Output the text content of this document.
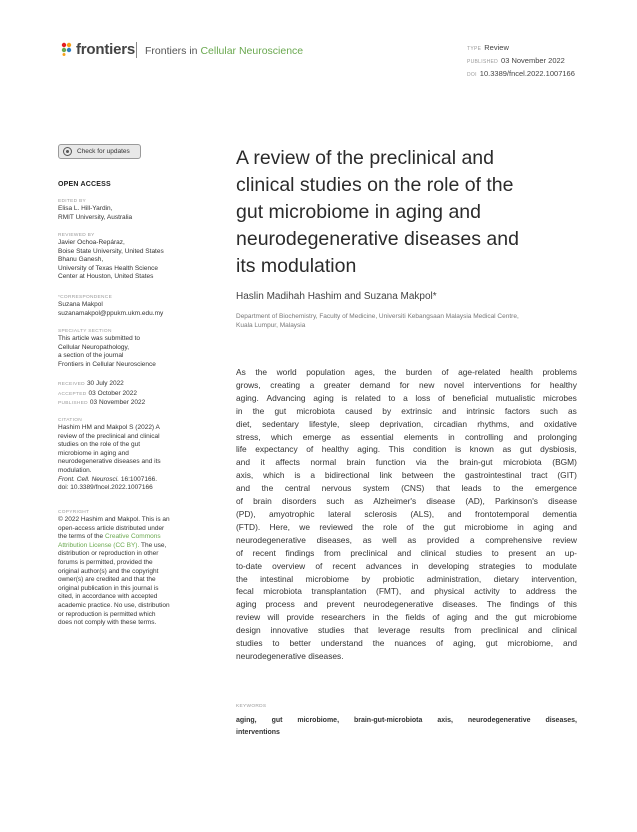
frontiers Frontiers in Cellular Neuroscience	TYPE Review
PUBLISHED 03 November 2022
DOI 10.3389/fncel.2022.1007166
Check for updates
OPEN ACCESS
EDITED BY
Elisa L. Hill-Yardin,
RMIT University, Australia
REVIEWED BY
Javier Ochoa-Repáraz,
Boise State University, United States
Bhanu Ganesh,
University of Texas Health Science
Center at Houston, United States
*CORRESPONDENCE
Suzana Makpol
suzanamakpol@ppukm.ukm.edu.my
SPECIALTY SECTION
This article was submitted to
Cellular Neuropathology,
a section of the journal
Frontiers in Cellular Neuroscience
RECEIVED 30 July 2022
ACCEPTED 03 October 2022
PUBLISHED 03 November 2022
CITATION
Hashim HM and Makpol S (2022) A
review of the preclinical and clinical
studies on the role of the gut
microbiome in aging and
neurodegenerative diseases and its
modulation.
Front. Cell. Neurosci. 16:1007166.
doi: 10.3389/fncel.2022.1007166
COPYRIGHT
© 2022 Hashim and Makpol. This is an
open-access article distributed under
the terms of the Creative Commons
Attribution License (CC BY). The use,
distribution or reproduction in other
forums is permitted, provided the
original author(s) and the copyright
owner(s) are credited and that the
original publication in this journal is
cited, in accordance with accepted
academic practice. No use, distribution
or reproduction is permitted which
does not comply with these terms.
A review of the preclinical and
clinical studies on the role of the
gut microbiome in aging and
neurodegenerative diseases and
its modulation
Haslin Madihah Hashim and Suzana Makpol*
Department of Biochemistry, Faculty of Medicine, Universiti Kebangsaan Malaysia Medical Centre,
Kuala Lumpur, Malaysia
As the world population ages, the burden of age-related health problems
grows, creating a greater demand for new novel interventions for healthy
aging. Advancing aging is related to a loss of beneficial mutualistic microbes
in the gut microbiota caused by extrinsic and intrinsic factors such as
diet, sedentary lifestyle, sleep deprivation, circadian rhythms, and oxidative
stress, which emerge as essential elements in controlling and prolonging
life expectancy of healthy aging. This condition is known as gut dysbiosis,
and it affects normal brain function via the brain-gut microbiota (BGM)
axis, which is a bidirectional link between the gastrointestinal tract (GIT)
and the central nervous system (CNS) that leads to the emergence
of brain disorders such as Alzheimer's disease (AD), Parkinson's disease
(PD), amyotrophic lateral sclerosis (ALS), and frontotemporal dementia
(FTD). Here, we reviewed the role of the gut microbiome in aging and
neurodegenerative diseases, as well as provided a comprehensive review
of recent findings from preclinical and clinical studies to present an up-
to-date overview of recent advances in developing strategies to modulate
the intestinal microbiome by probiotic administration, dietary intervention,
fecal microbiota transplantation (FMT), and physical activity to address the
aging process and prevent neurodegenerative diseases. The findings of this
review will provide researchers in the fields of aging and the gut microbiome
design innovative studies that leverage results from preclinical and clinical
studies to better understand the nuances of aging, gut microbiome, and
neurodegenerative diseases.
KEYWORDS
aging, gut microbiome, brain-gut-microbiota axis, neurodegenerative diseases,
interventions
